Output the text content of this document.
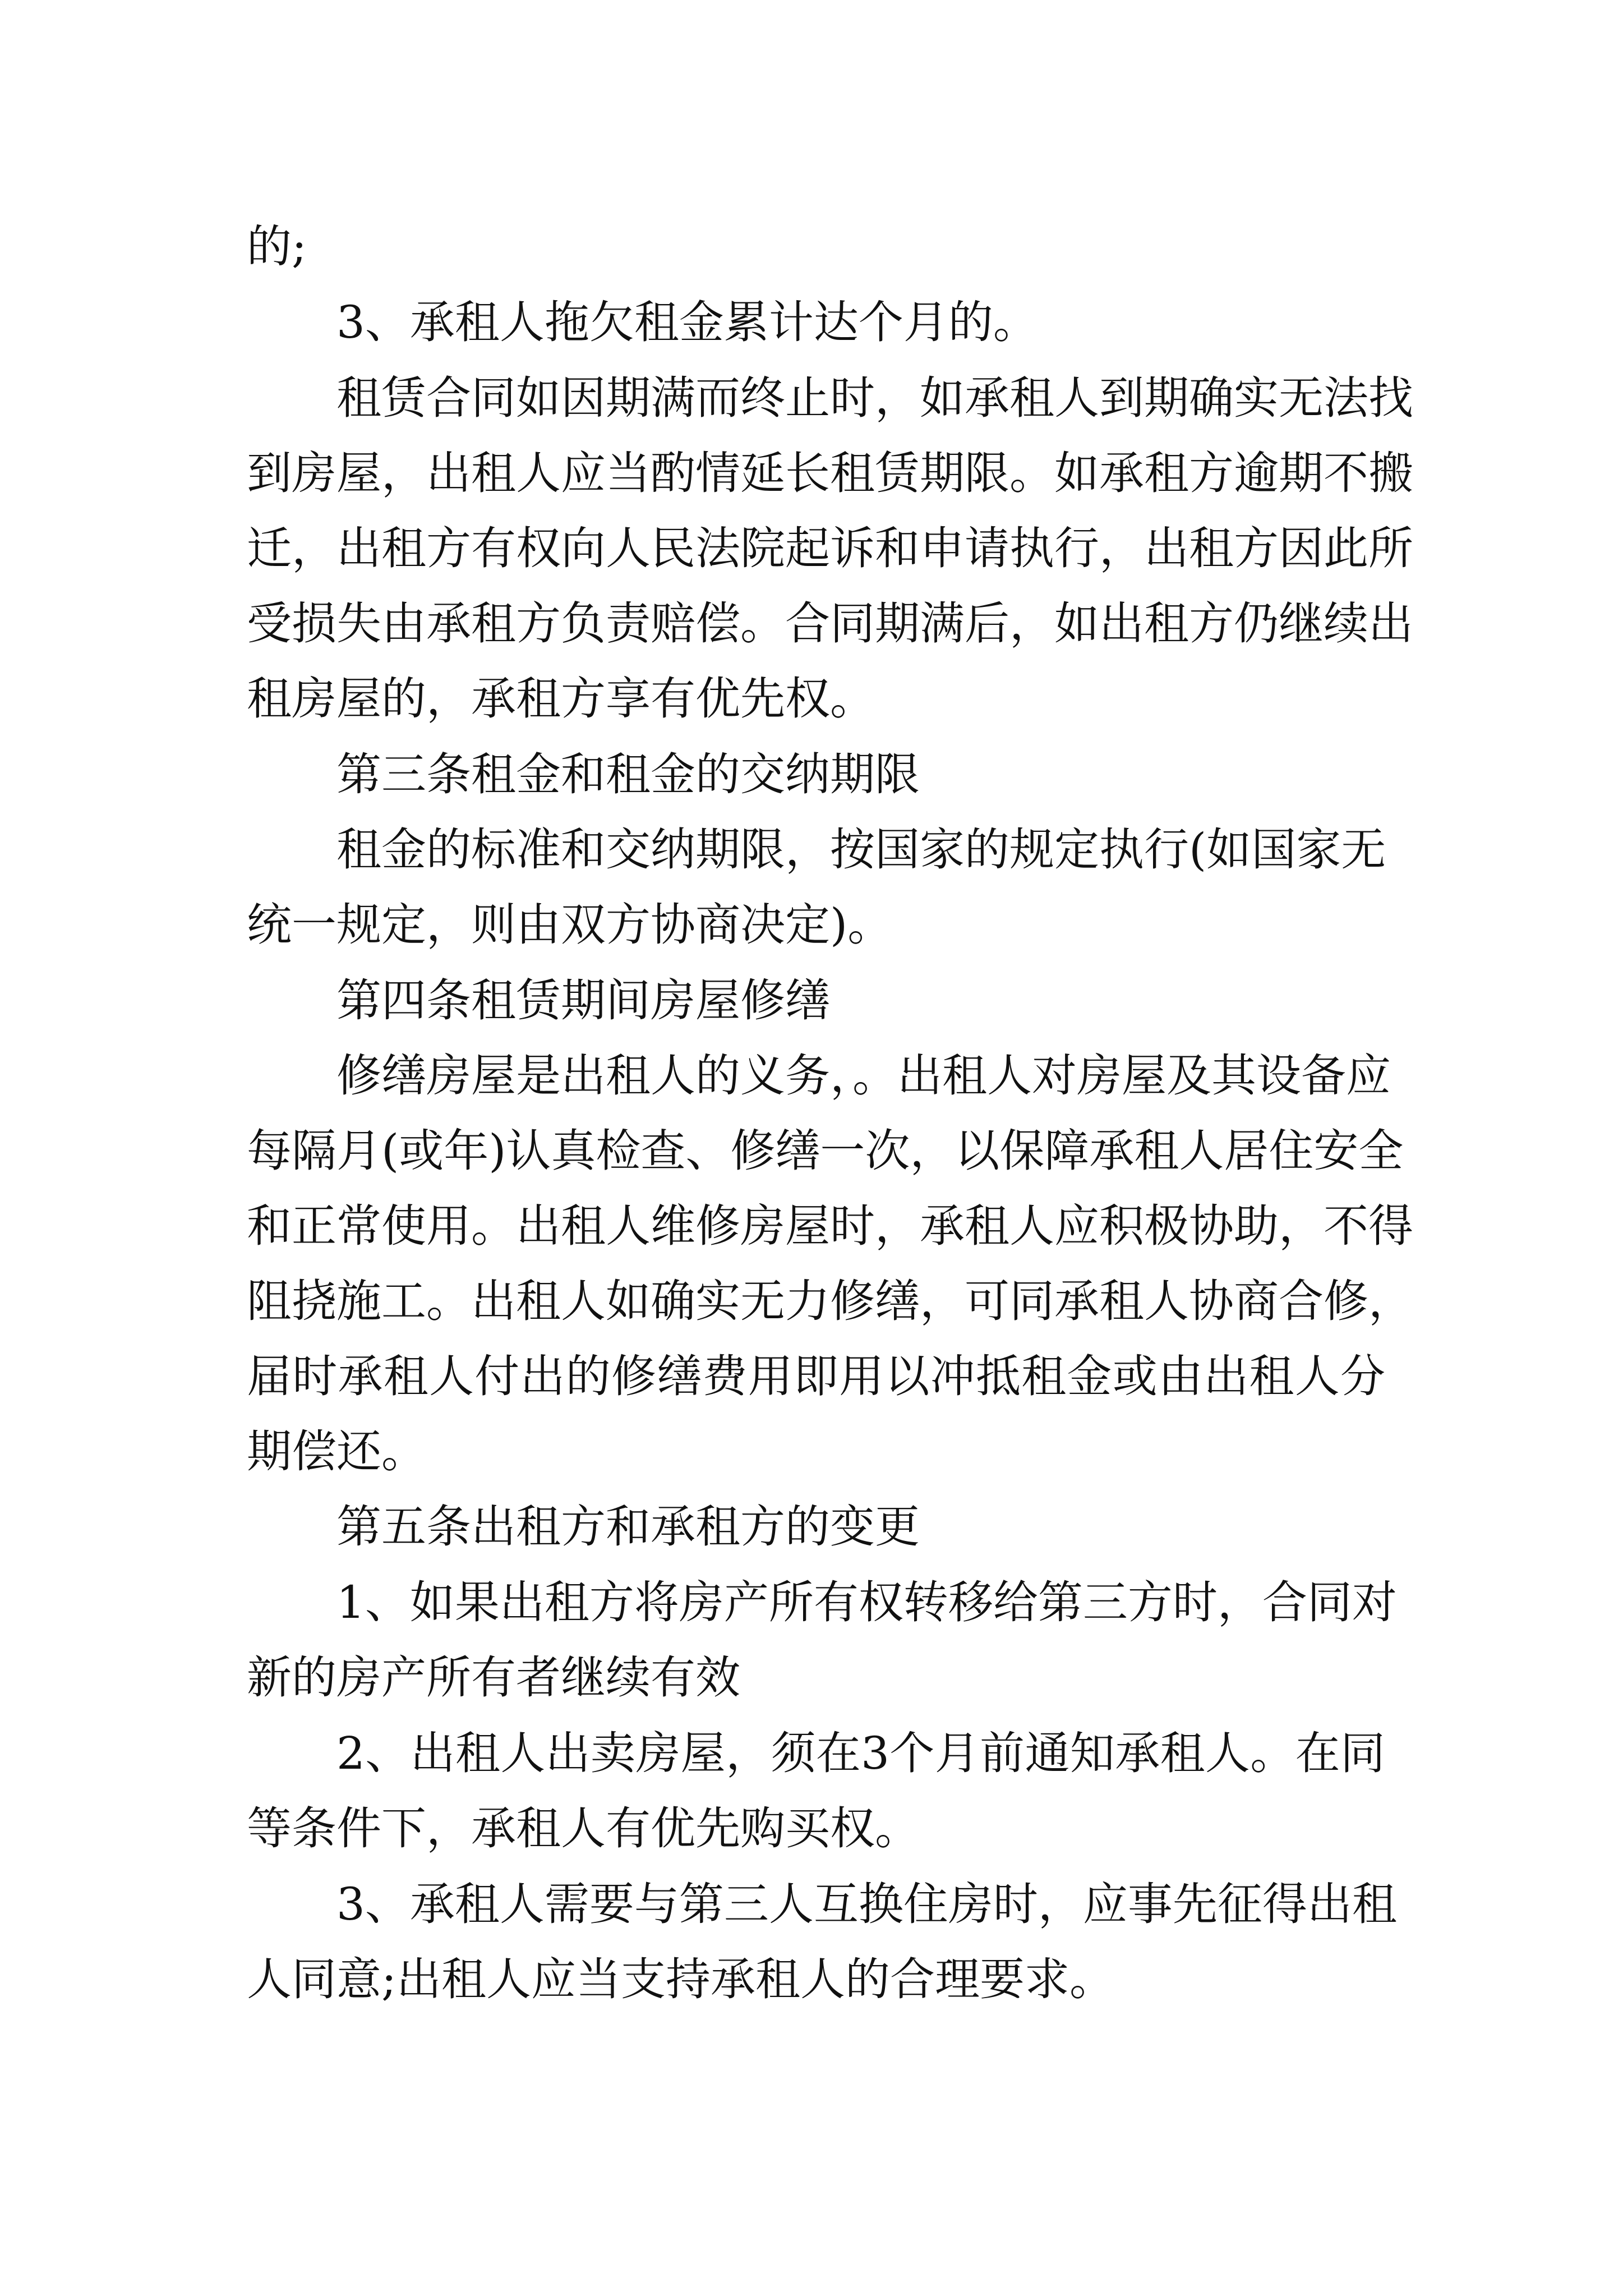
的;
3、承租人拖欠租金累计达个月的。
租赁合同如因期满而终止时，如承租人到期确实无法找
到房屋，出租人应当酌情延长租赁期限。如承租方逾期不搬
迁，出租方有权向人民法院起诉和申请执行，出租方因此所
受损失由承租方负责赔偿。合同期满后，如出租方仍继续出
租房屋的，承租方享有优先权。
第三条租金和租金的交纳期限
租金的标准和交纳期限，按国家的规定执行(如国家无
统一规定，则由双方协商决定)。
第四条租赁期间房屋修缮
修缮房屋是出租人的义务，。出租人对房屋及其设备应
每隔月(或年)认真检查、修缮一次，以保障承租人居住安全
和正常使用。出租人维修房屋时，承租人应积极协助，不得
阻挠施工。出租人如确实无力修缮，可同承租人协商合修，
届时承租人付出的修缮费用即用以冲抵租金或由出租人分
期偿还。
第五条出租方和承租方的变更
1、如果出租方将房产所有权转移给第三方时，合同对
新的房产所有者继续有效
2、出租人出卖房屋，须在3个月前通知承租人。在同
等条件下，承租人有优先购买权。
3、承租人需要与第三人互换住房时，应事先征得出租
人同意;出租人应当支持承租人的合理要求。
